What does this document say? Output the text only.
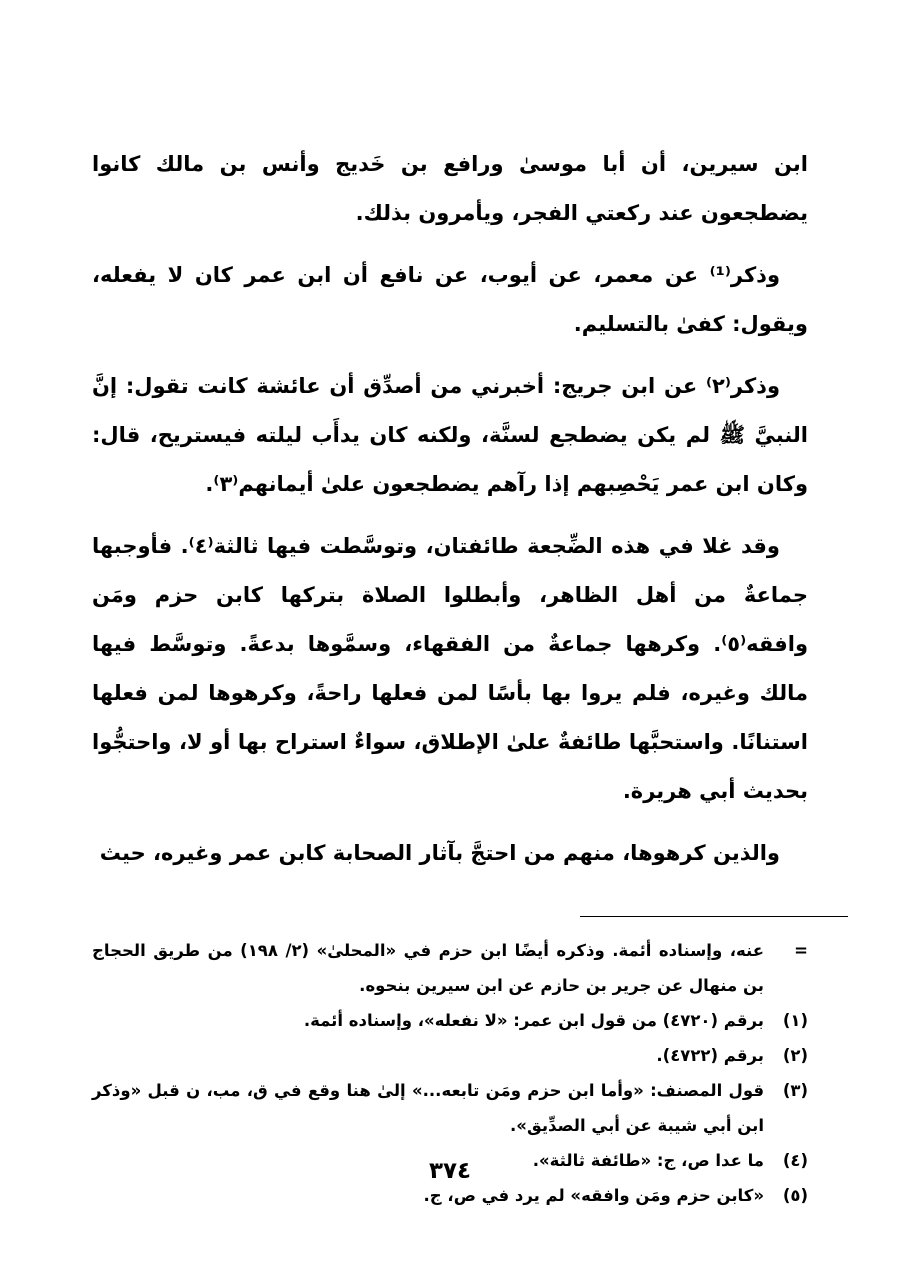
ابن سيرين، أن أبا موسىٰ ورافع بن خَديج وأنس بن مالك كانوا يضطجعون عند ركعتي الفجر، ويأمرون بذلك.

وذكر⁽¹⁾ عن معمر، عن أيوب، عن نافع أن ابن عمر كان لا يفعله، ويقول: كفىٰ بالتسليم.

وذكر⁽٢⁾ عن ابن جريج: أخبرني من أصدِّق أن عائشة كانت تقول: إنَّ النبيَّ ﷺ لم يكن يضطجع لسنَّة، ولكنه كان يدأَب ليلته فيستريح، قال: وكان ابن عمر يَحْصِبهم إذا رآهم يضطجعون علىٰ أيمانهم⁽٣⁾.

وقد غلا في هذه الضِّجعة طائفتان، وتوسَّطت فيها ثالثة⁽٤⁾. فأوجبها جماعةٌ من أهل الظاهر، وأبطلوا الصلاة بتركها كابن حزم ومَن وافقه⁽٥⁾. وكرهها جماعةٌ من الفقهاء، وسمَّوها بدعةً. وتوسَّط فيها مالك وغيره، فلم يروا بها بأسًا لمن فعلها راحةً، وكرهوها لمن فعلها استنانًا. واستحبَّها طائفةٌ علىٰ الإطلاق، سواءٌ استراح بها أو لا، واحتجُّوا بحديث أبي هريرة.

والذين كرهوها، منهم من احتجَّ بآثار الصحابة كابن عمر وغيره، حيث

=
عنه، وإسناده أئمة. وذكره أيضًا ابن حزم في «المحلىٰ» (٢/ ١٩٨) من طريق الحجاج بن منهال عن جرير بن حازم عن ابن سيرين بنحوه.
(١)
برقم (٤٧٢٠) من قول ابن عمر: «لا نفعله»، وإسناده أئمة.
(٢)
برقم (٤٧٢٢).
(٣)
قول المصنف: «وأما ابن حزم ومَن تابعه...» إلىٰ هنا وقع في ق، مب، ن قبل «وذكر ابن أبي شيبة عن أبي الصدِّيق».
(٤)
ما عدا ص، ج: «طائفة ثالثة».
(٥)
«كابن حزم ومَن وافقه» لم يرد في ص، ج.
٣٧٤
